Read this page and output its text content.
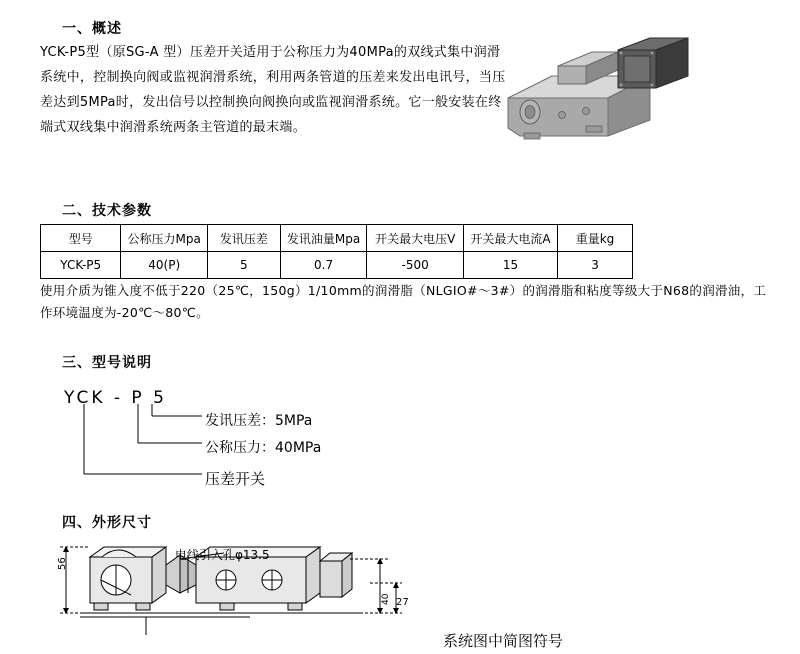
一、概述
YCK-P5型（原SG-A 型）压差开关适用于公称压力为40MPa的双线式集中润滑系统中，控制换向阀或监视润滑系统，利用两条管道的压差来发出电讯号，当压差达到5MPa时，发出信号以控制换向阀换向或监视润滑系统。它一般安装在终端式双线集中润滑系统两条主管道的最末端。
二、技术参数
型号	公称压力Mpa	发讯压差	发讯油量Mpa	开关最大电压V	开关最大电流A	重量kg
YCK-P5	40(P)	5	0.7	-500	15	3
使用介质为锥入度不低于220（25℃，150g）1/10mm的润滑脂（NLGIO#～3#）的润滑脂和粘度等级大于N68的润滑油，工作环境温度为-20℃～80℃。
三、型号说明
YCK - P 5
发讯压差：5MPa
公称压力：40MPa
压差开关
四、外形尺寸
56
27
40
电线引入孔φ13.5
系统图中简图符号
